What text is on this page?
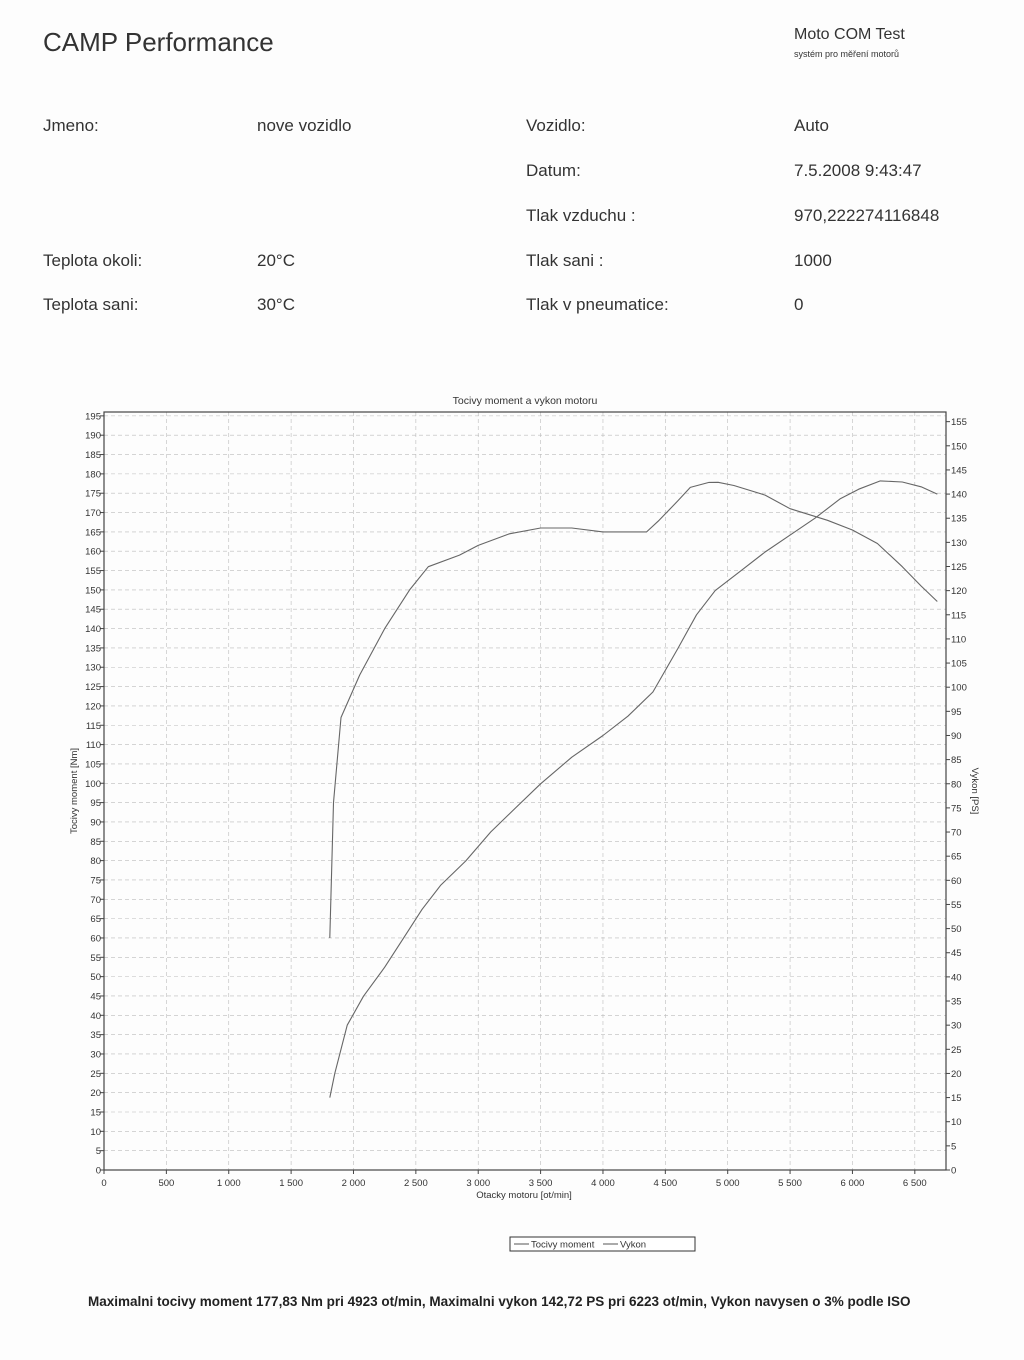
CAMP Performance	Moto COM Test
systém pro měření motorů
Jmeno:	nove vozidlo	Vozidlo:	Auto
Datum:	7.5.2008 9:43:47
Tlak vzduchu :	970,222274116848
Teplota okoli:	20°C	Tlak sani :	1000
Teplota sani:	30°C	Tlak v pneumatice:	0
Tocivy moment a vykon motoru
0	500	1 000	1 500	2 000	2 500	3 000	3 500	4 000	4 500	5 000	5 500	6 000	6 500
0
5
10
15
20
25
30
35
40
45
50
55
60
65
70
75
80
85
90
95
100
105
110
115
120
125
130
135
140
145
150
155
160
165
170
175
180
185
190
195
0
5
10
15
20
25
30
35
40
45
50
55
60
65
70
75
80
85
90
95
100
105
110
115
120
125
130
135
140
145
150
155
Tocivy moment [Nm]	Vykon [PS]
Otacky motoru [ot/min]
Tocivy moment	Vykon
Maximalni tocivy moment 177,83 Nm pri 4923 ot/min, Maximalni vykon 142,72 PS pri 6223 ot/min, Vykon navysen o 3% podle ISO
